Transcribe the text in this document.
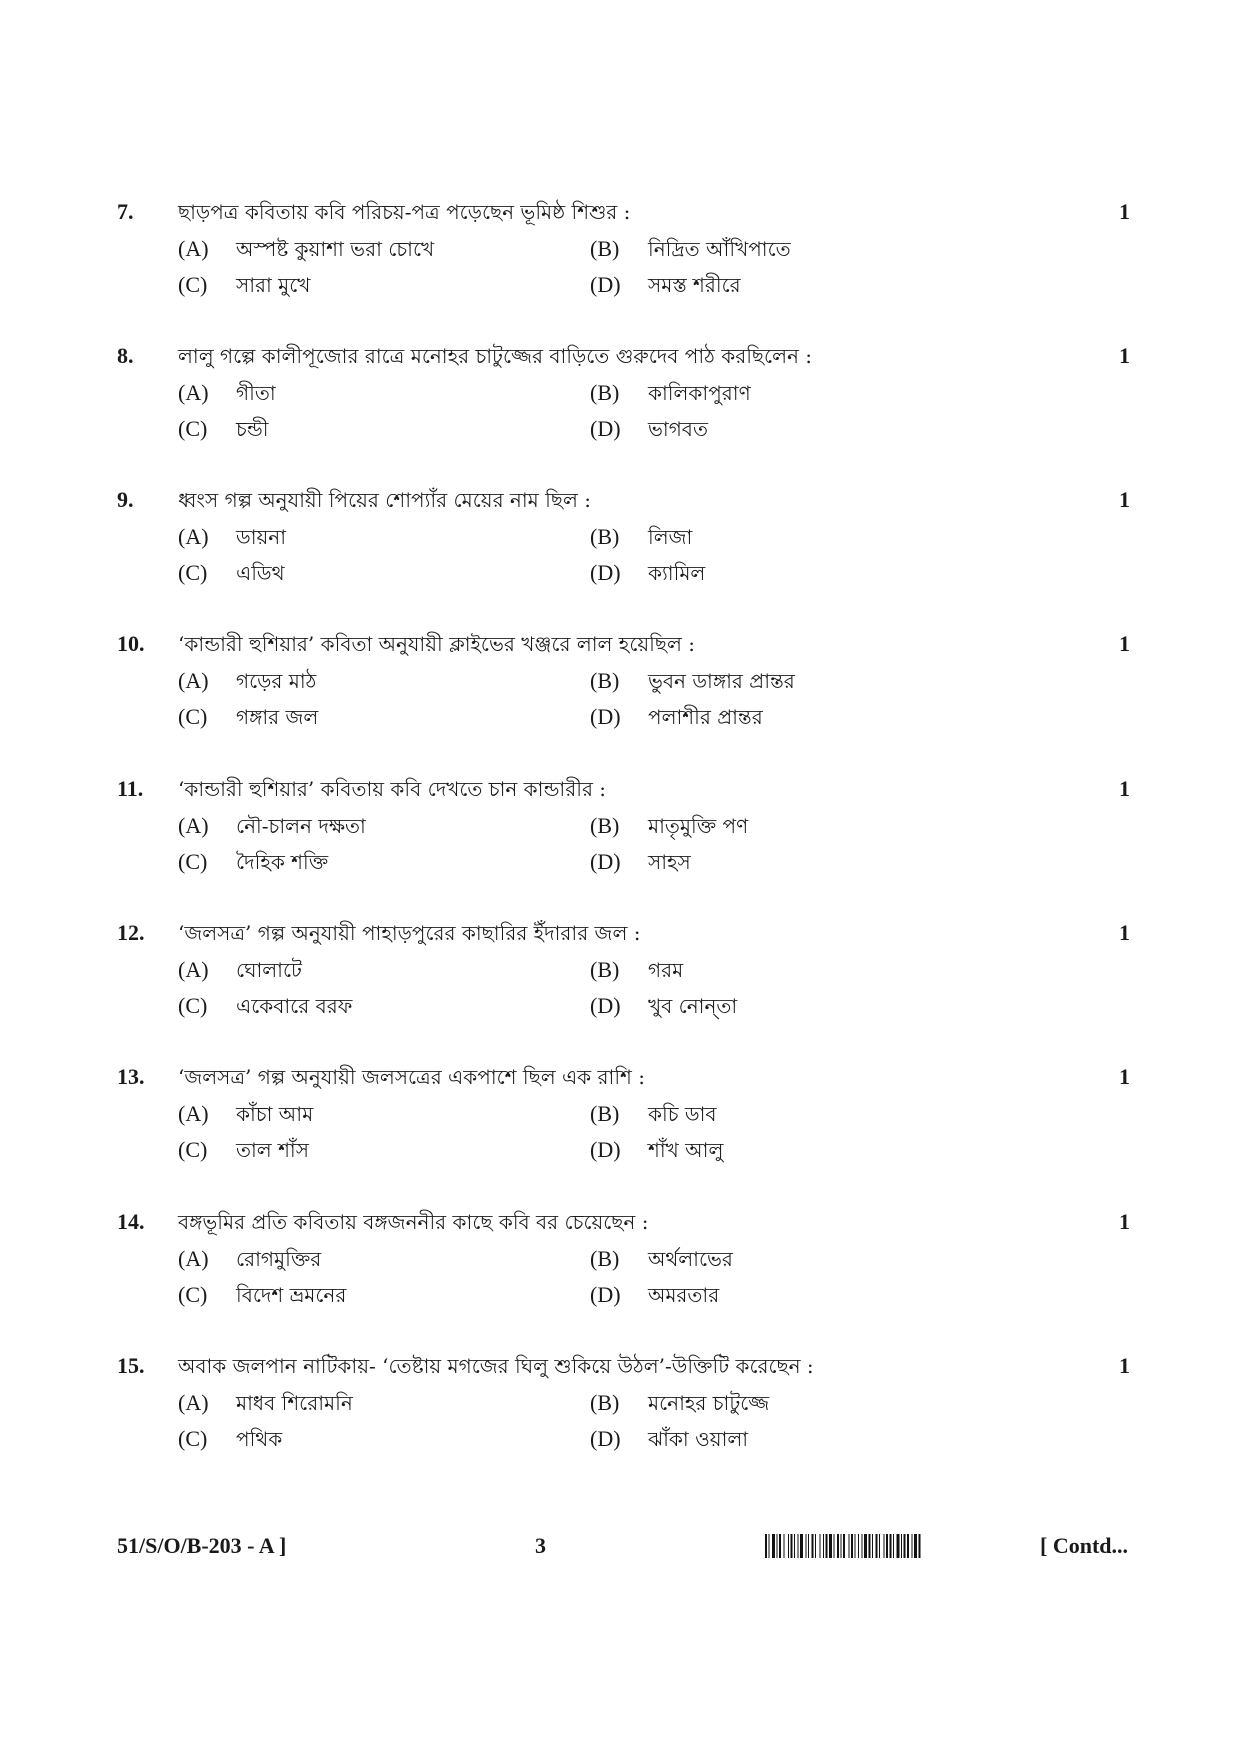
7.	ছাড়পত্র কবিতায় কবি পরিচয়-পত্র পড়েছেন ভূমিষ্ঠ শিশুর :	1
(A) অস্পষ্ট কুয়াশা ভরা চোখে	(B) নিদ্রিত আঁখিপাতে
(C) সারা মুখে	(D) সমস্ত শরীরে
8.	লালু গল্পে কালীপূজোর রাত্রে মনোহর চাটুজ্জের বাড়িতে গুরুদেব পাঠ করছিলেন :	1
(A) গীতা	(B) কালিকাপুরাণ
(C) চন্ডী	(D) ভাগবত
9.	ধ্বংস গল্প অনুযায়ী পিয়ের শোপ্যাঁর মেয়ের নাম ছিল :	1
(A) ডায়না	(B) লিজা
(C) এডিথ	(D) ক্যামিল
10.	‘কান্ডারী হুশিয়ার’ কবিতা অনুযায়ী ক্লাইভের খঞ্জরে লাল হয়েছিল :	1
(A) গড়ের মাঠ	(B) ভুবন ডাঙ্গার প্রান্তর
(C) গঙ্গার জল	(D) পলাশীর প্রান্তর
11.	‘কান্ডারী হুশিয়ার’ কবিতায় কবি দেখতে চান কান্ডারীর :	1
(A) নৌ-চালন দক্ষতা	(B) মাতৃমুক্তি পণ
(C) দৈহিক শক্তি	(D) সাহস
12.	‘জলসত্র’ গল্প অনুযায়ী পাহাড়পুরের কাছারির ইঁদারার জল :	1
(A) ঘোলাটে	(B) গরম
(C) একেবারে বরফ	(D) খুব নোন্‌তা
13.	‘জলসত্র’ গল্প অনুযায়ী জলসত্রের একপাশে ছিল এক রাশি :	1
(A) কাঁচা আম	(B) কচি ডাব
(C) তাল শাঁস	(D) শাঁখ আলু
14.	বঙ্গভূমির প্রতি কবিতায় বঙ্গজননীর কাছে কবি বর চেয়েছেন :	1
(A) রোগমুক্তির	(B) অর্থলাভের
(C) বিদেশ ভ্রমনের	(D) অমরতার
15.	অবাক জলপান নাটিকায়- ‘তেষ্টায় মগজের ঘিলু শুকিয়ে উঠল’-উক্তিটি করেছেন :	1
(A) মাধব শিরোমনি	(B) মনোহর চাটুজ্জে
(C) পথিক	(D) ঝাঁকা ওয়ালা
51/S/O/B-203 - A ]	3	[ Contd...
